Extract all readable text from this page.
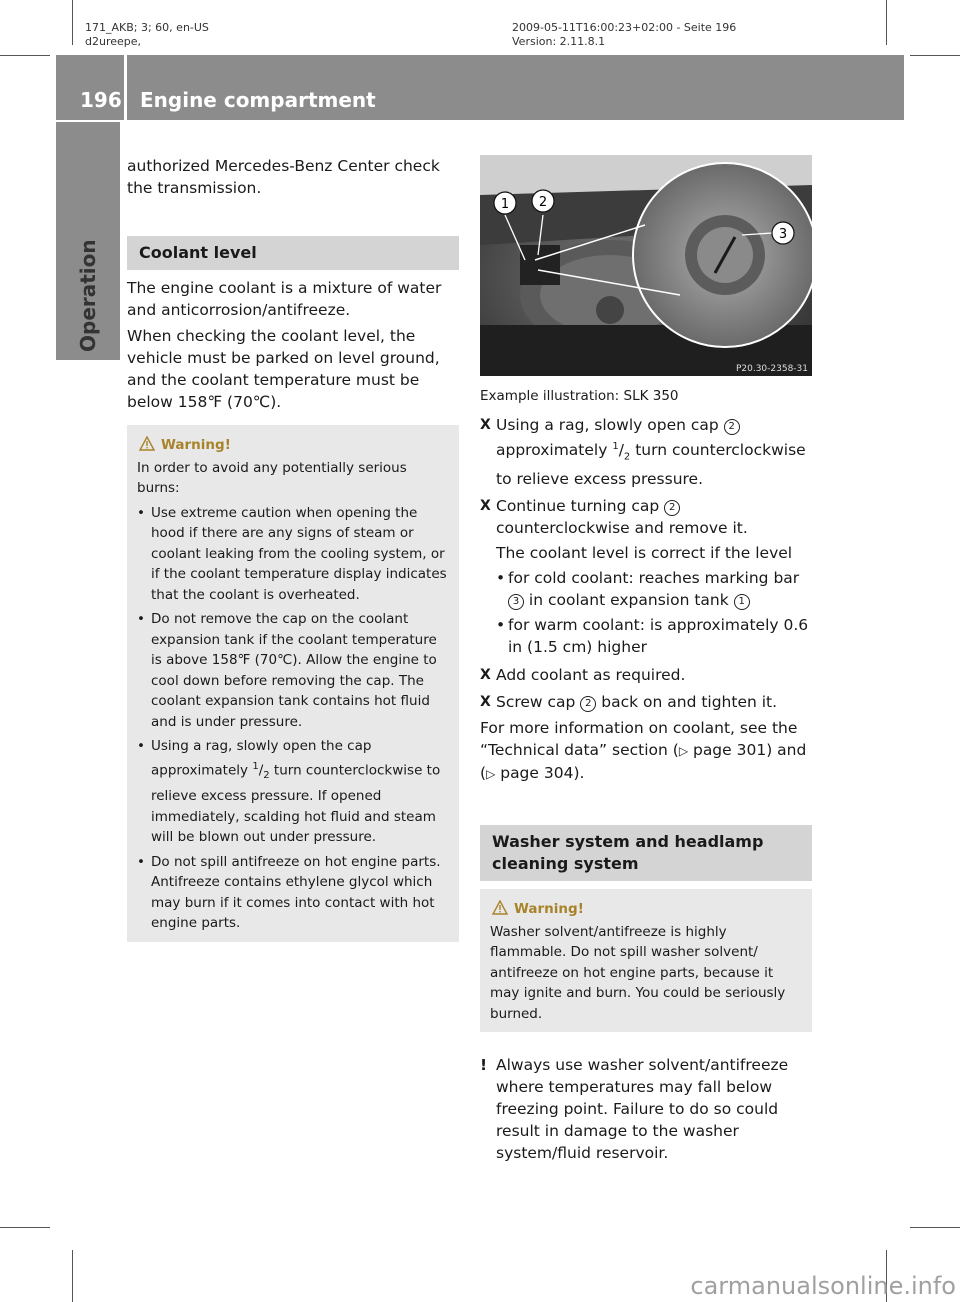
171_AKB; 3; 60, en-US
d2ureepe,
2009-05-11T16:00:23+02:00 - Seite 196
Version: 2.11.8.1
196 Engine compartment
Operation
authorized Mercedes-Benz Center check the transmission.
Coolant level
The engine coolant is a mixture of water and anticorrosion/antifreeze.
When checking the coolant level, the vehicle must be parked on level ground, and the coolant temperature must be below 158℉ (70℃).
Warning!
In order to avoid any potentially serious burns:
• Use extreme caution when opening the hood if there are any signs of steam or coolant leaking from the cooling system, or if the coolant temperature display indicates that the coolant is overheated.
• Do not remove the cap on the coolant expansion tank if the coolant temperature is above 158℉ (70℃). Allow the engine to cool down before removing the cap. The coolant expansion tank contains hot fluid and is under pressure.
• Using a rag, slowly open the cap approximately $^1/_2$ turn counterclockwise to relieve excess pressure. If opened immediately, scalding hot fluid and steam will be blown out under pressure.
• Do not spill antifreeze on hot engine parts. Antifreeze contains ethylene glycol which may burn if it comes into contact with hot engine parts.
1 2
3
P20.30-2358-31
Example illustration: SLK 350
X Using a rag, slowly open cap 2 approximately $^1/_2$ turn counterclockwise to relieve excess pressure.
X Continue turning cap 2 counterclockwise and remove it.
The coolant level is correct if the level
• for cold coolant: reaches marking bar 3 in coolant expansion tank 1
• for warm coolant: is approximately 0.6 in (1.5 cm) higher
X Add coolant as required.
X Screw cap 2 back on and tighten it.
For more information on coolant, see the “Technical data” section (▷ page 301) and (▷ page 304).
Washer system and headlamp cleaning system
Warning!
Washer solvent/antifreeze is highly flammable. Do not spill washer solvent/ antifreeze on hot engine parts, because it may ignite and burn. You could be seriously burned.
! Always use washer solvent/antifreeze where temperatures may fall below freezing point. Failure to do so could result in damage to the washer system/fluid reservoir.
carmanualsonline.info
